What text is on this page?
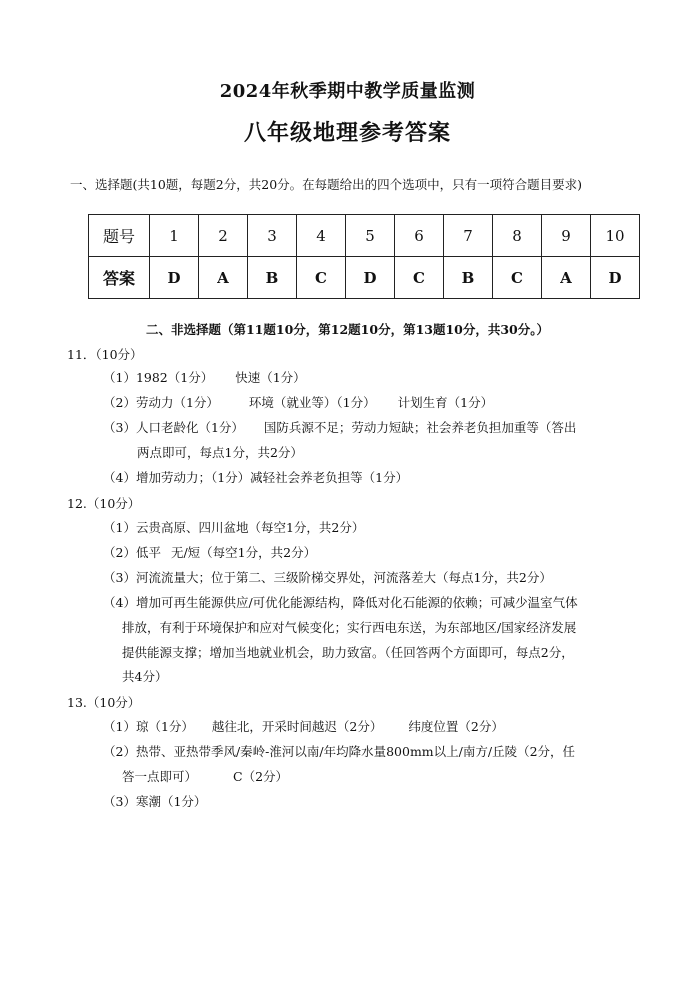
2024年秋季期中教学质量监测
八年级地理参考答案
一、选择题(共10题，每题2分，共20分。在每题给出的四个选项中，只有一项符合题目要求)
题号	1	2	3	4	5	6	7	8	9	10
答案	D	A	B	C	D	C	B	C	A	D
二、非选择题（第11题10分，第12题10分，第13题10分，共30分。）
11．（10分）
（1）1982（1分） 快速（1分）
（2）劳动力（1分） 环境（就业等）（1分） 计划生育（1分）
（3）人口老龄化（1分） 国防兵源不足；劳动力短缺；社会养老负担加重等（答出
两点即可，每点1分，共2分）
（4）增加劳动力；（1分）减轻社会养老负担等（1分）
12.（10分）
（1）云贵高原、四川盆地（每空1分，共2分）
（2）低平 无/短（每空1分，共2分）
（3）河流流量大；位于第二、三级阶梯交界处，河流落差大（每点1分，共2分）
（4）增加可再生能源供应/可优化能源结构，降低对化石能源的依赖；可减少温室气体
排放，有利于环境保护和应对气候变化；实行西电东送，为东部地区/国家经济发展
提供能源支撑；增加当地就业机会，助力致富。（任回答两个方面即可，每点2分，
共4分）
13.（10分）
（1）琼（1分） 越往北，开采时间越迟（2分） 纬度位置（2分）
（2）热带、亚热带季风/秦岭-淮河以南/年均降水量800mm以上/南方/丘陵（2分，任
答一点即可）	C（2分）
（3）寒潮（1分）
